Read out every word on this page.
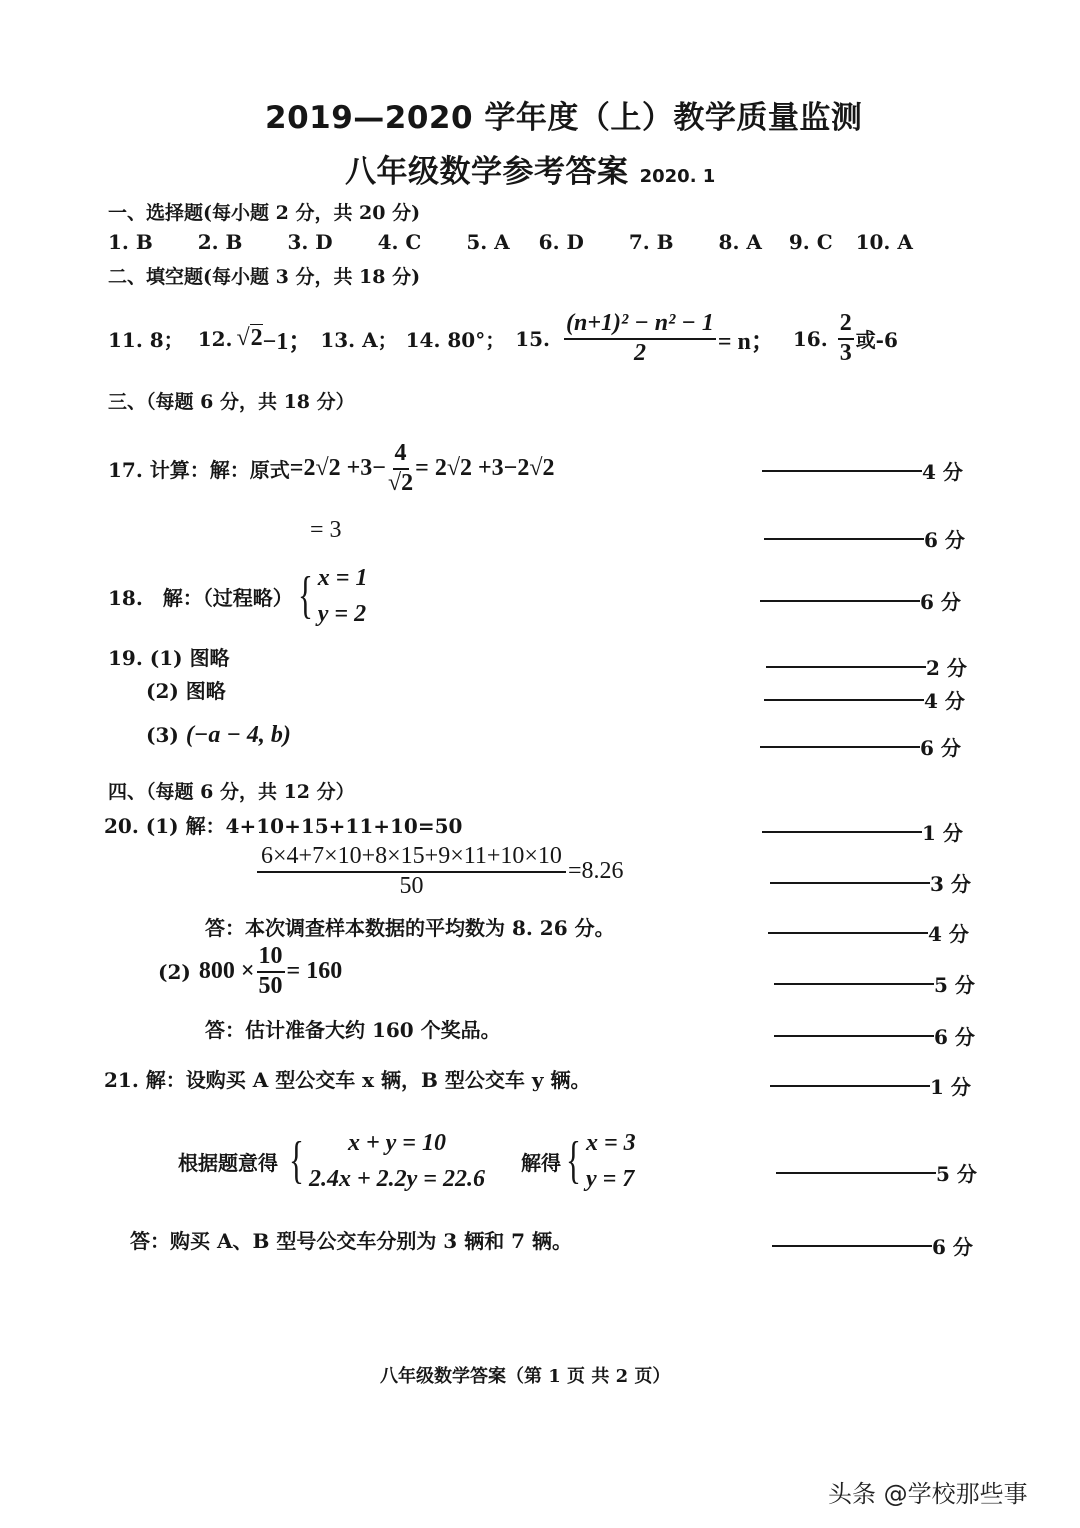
2019—2020 学年度（上）教学质量监测
八年级数学参考答案 2020. 1
一、选择题(每小题 2 分，共 20 分)
1. B 2. B 3. D 4. C 5. A 6. D 7. B 8. A 9. C 10. A
二、填空题(每小题 3 分，共 18 分)
11. 8； 12. √2 −1； 13. A； 14. 80°； 15. $\frac{\text{(n+1)² − n² − 1}}{2} = n$； 16. $\frac{2}{3}$ 或-6
三、（每题 6 分，共 18 分）
17. 计算：解：原式 $=2√2 +3- \frac{4}{√2} = 2√2 +3-2√2$
= 3
18.　解：（过程略） { x = 1
y = 2
19. (1) 图略
(2) 图略
(3) (−a − 4, b)
四、（每题 6 分，共 12 分）
20. (1) 解：4+10+15+11+10=50
$\frac{6\times 4+7\times 10+8\times 15+9\times 11+10\times 10}{50} =8.26$
答：本次调查样本数据的平均数为 8. 26 分。
(2) $800 \times \frac{10}{50} = 160$
答：估计准备大约 160 个奖品。
21. 解：设购买 A 型公交车 x 辆，B 型公交车 y 辆。
根据题意得 { x + y = 10
2.4x + 2.2y = 22.6
解得 { x = 3
y = 7
答：购买 A、B 型号公交车分别为 3 辆和 7 辆。
4 分
6 分
6 分
2 分
4 分
6 分
1 分
3 分
4 分
5 分
6 分
1 分
5 分
6 分
八年级数学答案（第 1 页 共 2 页）
头条 @学校那些事
